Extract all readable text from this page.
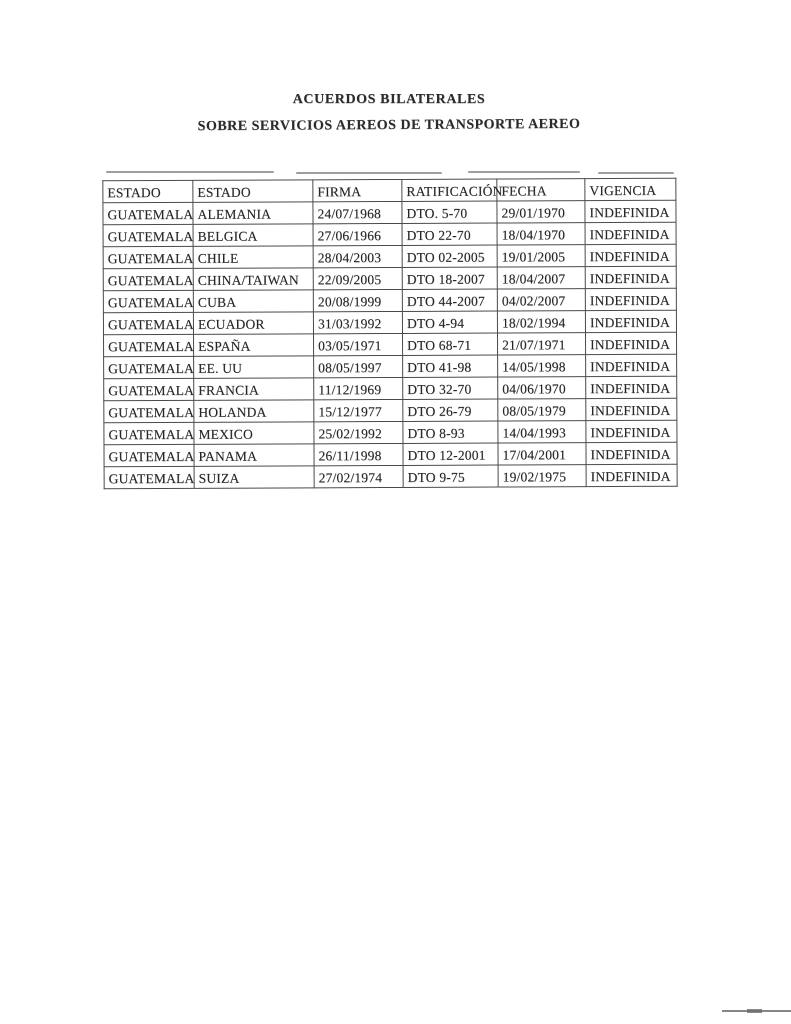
ACUERDOS BILATERALES
SOBRE SERVICIOS AEREOS DE TRANSPORTE AEREO
ESTADO	ESTADO	FIRMA	RATIFICACIÓN	FECHA	VIGENCIA
GUATEMALA	ALEMANIA	24/07/1968	DTO. 5-70	29/01/1970	INDEFINIDA
GUATEMALA	BELGICA	27/06/1966	DTO 22-70	18/04/1970	INDEFINIDA
GUATEMALA	CHILE	28/04/2003	DTO 02-2005	19/01/2005	INDEFINIDA
GUATEMALA	CHINA/TAIWAN	22/09/2005	DTO 18-2007	18/04/2007	INDEFINIDA
GUATEMALA	CUBA	20/08/1999	DTO 44-2007	04/02/2007	INDEFINIDA
GUATEMALA	ECUADOR	31/03/1992	DTO 4-94	18/02/1994	INDEFINIDA
GUATEMALA	ESPAÑA	03/05/1971	DTO 68-71	21/07/1971	INDEFINIDA
GUATEMALA	EE. UU	08/05/1997	DTO 41-98	14/05/1998	INDEFINIDA
GUATEMALA	FRANCIA	11/12/1969	DTO 32-70	04/06/1970	INDEFINIDA
GUATEMALA	HOLANDA	15/12/1977	DTO 26-79	08/05/1979	INDEFINIDA
GUATEMALA	MEXICO	25/02/1992	DTO 8-93	14/04/1993	INDEFINIDA
GUATEMALA	PANAMA	26/11/1998	DTO 12-2001	17/04/2001	INDEFINIDA
GUATEMALA	SUIZA	27/02/1974	DTO 9-75	19/02/1975	INDEFINIDA
